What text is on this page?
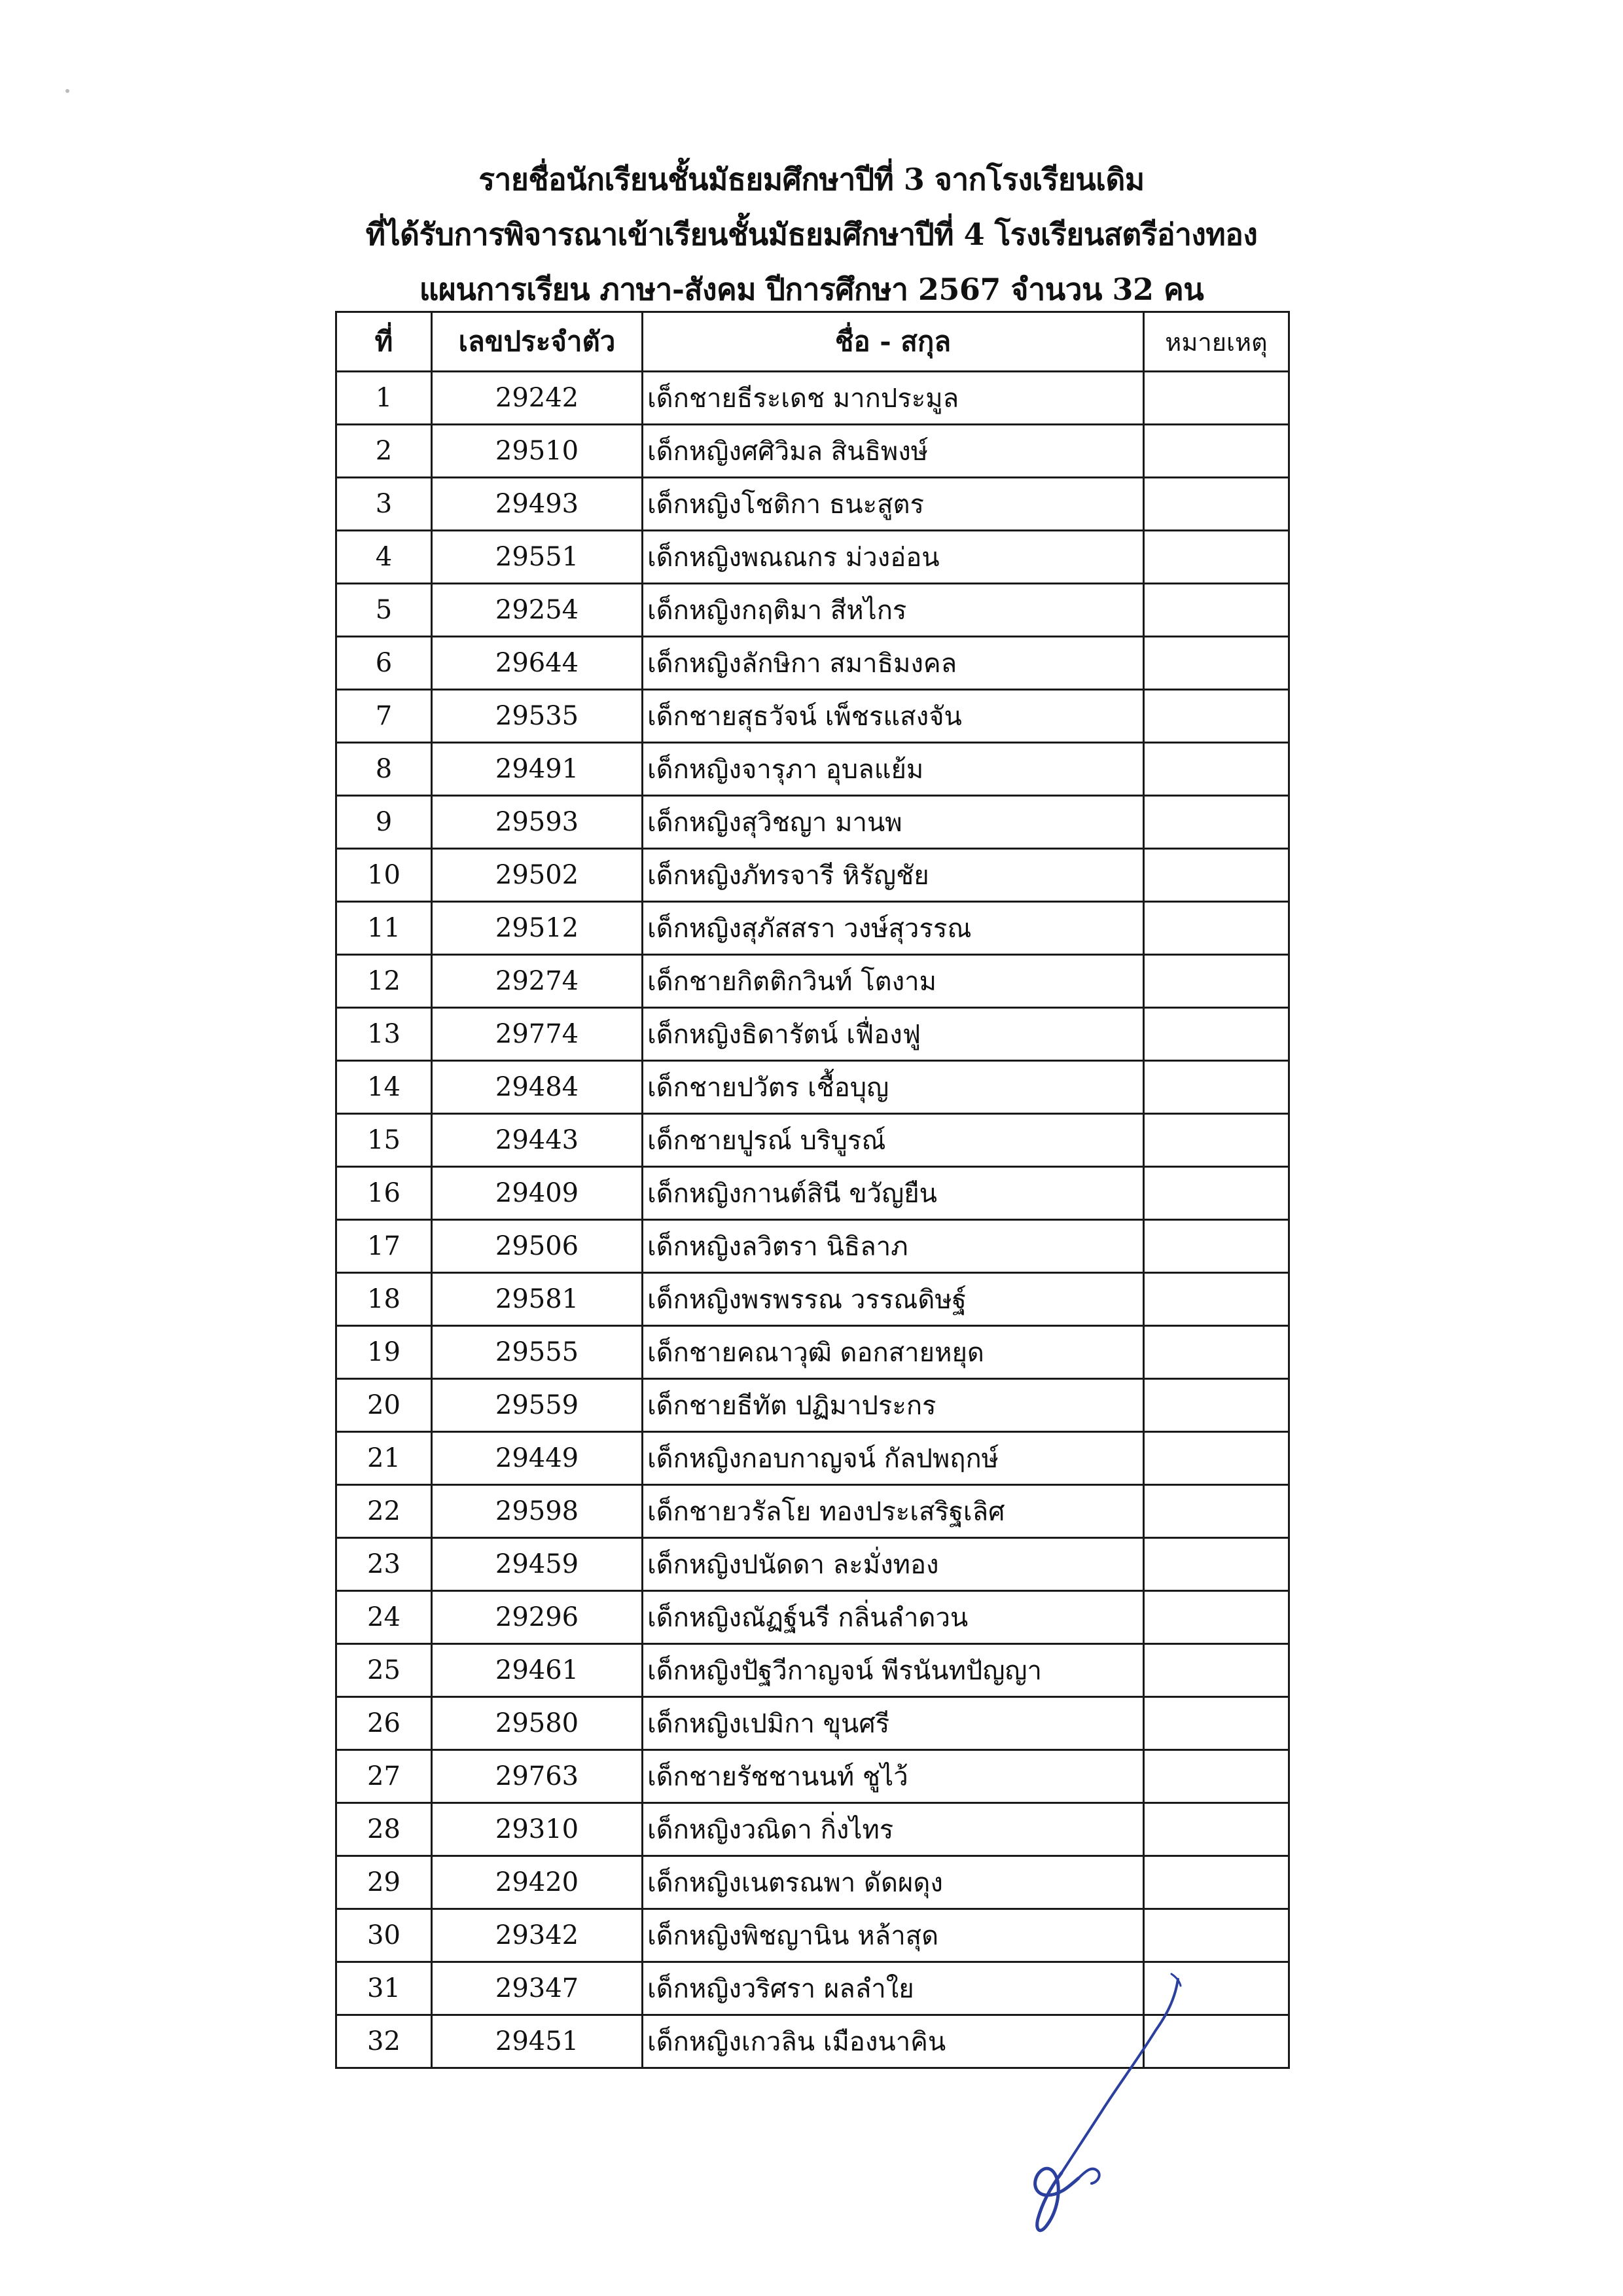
รายชื่อนักเรียนชั้นมัธยมศึกษาปีที่ 3 จากโรงเรียนเดิม
ที่ได้รับการพิจารณาเข้าเรียนชั้นมัธยมศึกษาปีที่ 4 โรงเรียนสตรีอ่างทอง
แผนการเรียน ภาษา-สังคม ปีการศึกษา 2567 จำนวน 32 คน
ที่	เลขประจำตัว	ชื่อ - สกุล	หมายเหตุ
1	29242	เด็กชายธีระเดช มากประมูล	
2	29510	เด็กหญิงศศิวิมล สินธิพงษ์	
3	29493	เด็กหญิงโชติกา ธนะสูตร	
4	29551	เด็กหญิงพณณกร ม่วงอ่อน	
5	29254	เด็กหญิงกฤติมา สีหไกร	
6	29644	เด็กหญิงลักษิกา สมาธิมงคล	
7	29535	เด็กชายสุธวัจน์ เพ็ชรแสงจัน	
8	29491	เด็กหญิงจารุภา อุบลแย้ม	
9	29593	เด็กหญิงสุวิชญา มานพ	
10	29502	เด็กหญิงภัทรจารี หิรัญชัย	
11	29512	เด็กหญิงสุภัสสรา วงษ์สุวรรณ	
12	29274	เด็กชายกิตติกวินท์ โตงาม	
13	29774	เด็กหญิงธิดารัตน์ เฟื่องฟู	
14	29484	เด็กชายปวัตร เชื้อบุญ	
15	29443	เด็กชายปูรณ์ บริบูรณ์	
16	29409	เด็กหญิงกานต์สินี ขวัญยืน	
17	29506	เด็กหญิงลวิตรา นิธิลาภ	
18	29581	เด็กหญิงพรพรรณ วรรณดิษฐ์	
19	29555	เด็กชายคณาวุฒิ ดอกสายหยุด	
20	29559	เด็กชายธีทัต ปฏิมาประกร	
21	29449	เด็กหญิงกอบกาญจน์ กัลปพฤกษ์	
22	29598	เด็กชายวรัลโย ทองประเสริฐเลิศ	
23	29459	เด็กหญิงปนัดดา ละมั่งทอง	
24	29296	เด็กหญิงณัฏฐ์นรี กลิ่นลำดวน	
25	29461	เด็กหญิงปัฐวีกาญจน์ พีรนันทปัญญา	
26	29580	เด็กหญิงเปมิกา ขุนศรี	
27	29763	เด็กชายรัชชานนท์ ชูไว้	
28	29310	เด็กหญิงวณิดา กิ่งไทร	
29	29420	เด็กหญิงเนตรณพา ดัดผดุง	
30	29342	เด็กหญิงพิชญานิน หล้าสุด	
31	29347	เด็กหญิงวริศรา ผลลำใย	
32	29451	เด็กหญิงเกวลิน เมืองนาคิน	
